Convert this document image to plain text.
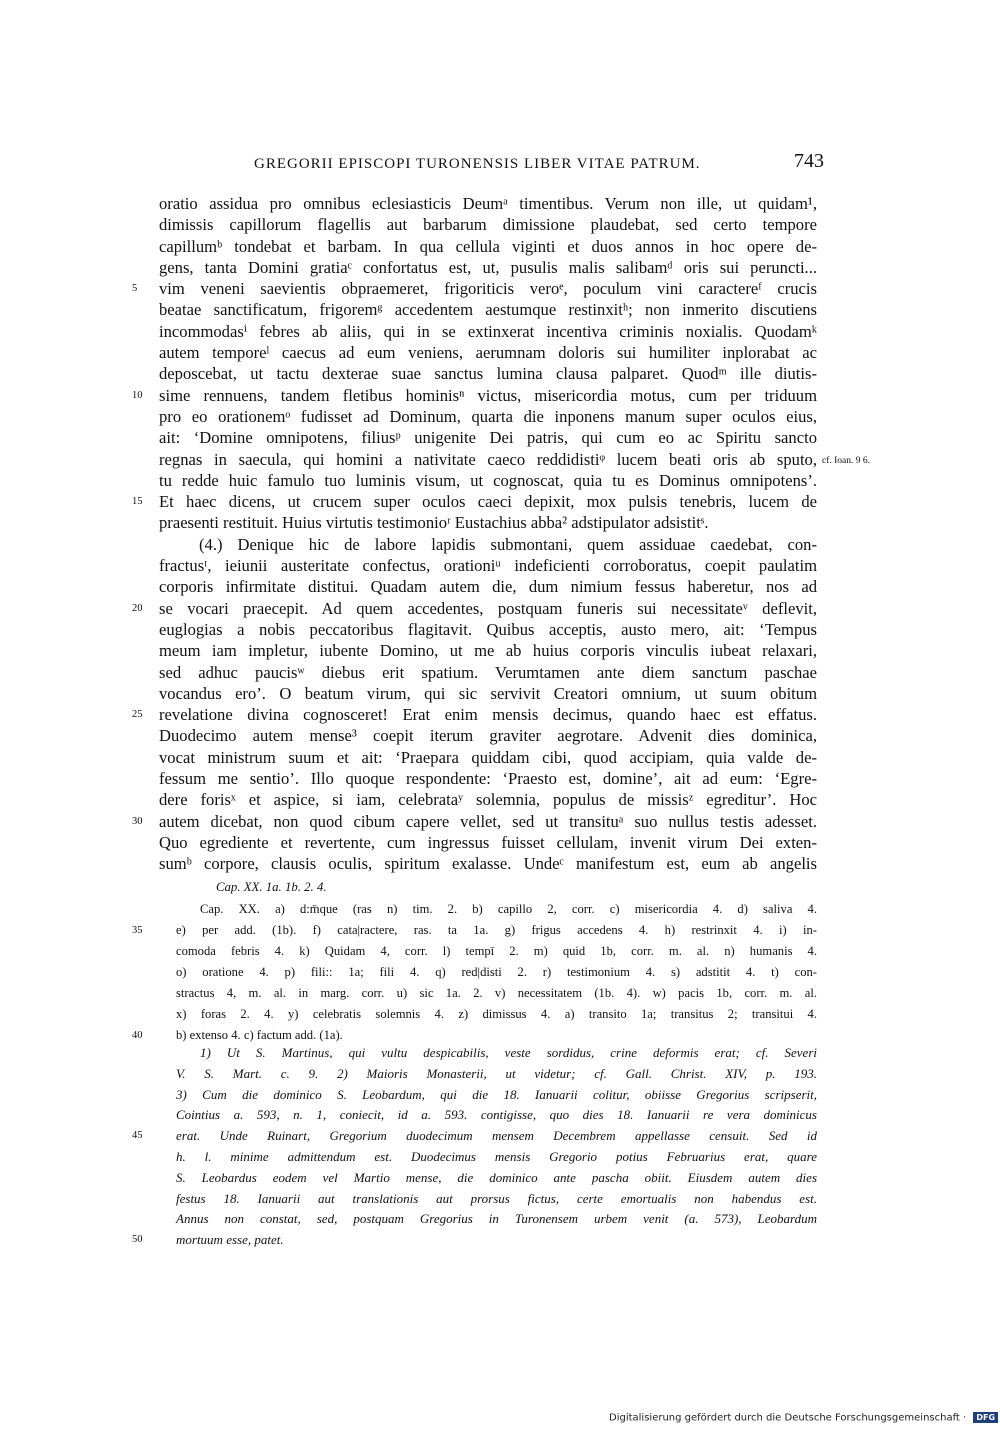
GREGORII EPISCOPI TURONENSIS LIBER VITAE PATRUM.	743
oratio assidua pro omnibus eclesiasticis Deumᵃ timentibus. Verum non ille, ut quidam¹,
dimissis capillorum flagellis aut barbarum dimissione plaudebat, sed certo tempore
capillumᵇ tondebat et barbam. In qua cellula viginti et duos annos in hoc opere de-
gens, tanta Domini gratiaᶜ confortatus est, ut, pusulis malis salibamᵈ oris sui peruncti...
5	vim veneni saevientis obpraemeret, frigoriticis veroᵉ, poculum vini caractereᶠ crucis
beatae sanctificatum, frigoremᵍ accedentem aestumque restinxitʰ; non inmerito discutiens
incommodasⁱ febres ab aliis, qui in se extinxerat incentiva criminis noxialis. Quodamᵏ
autem temporeˡ caecus ad eum veniens, aerumnam doloris sui humiliter inplorabat ac
deposcebat, ut tactu dexterae suae sanctus lumina clausa palparet. Quodᵐ ille diutis-
10 sime rennuens, tandem fletibus hominisⁿ victus, misericordia motus, cum per triduum
pro eo orationemᵒ fudisset ad Dominum, quarta die inponens manum super oculos eius,
ait: ‘Domine omnipotens, filiusᵖ unigenite Dei patris, qui cum eo ac Spiritu sancto
regnas in saecula, qui homini a nativitate caeco reddidistiᵠ lucem beati oris ab sputo, cf. Ioan. 9 6.
tu redde huic famulo tuo luminis visum, ut cognoscat, quia tu es Dominus omnipotens’.
15 Et haec dicens, ut crucem super oculos caeci depixit, mox pulsis tenebris, lucem de
praesenti restituit. Huius virtutis testimonioʳ Eustachius abba² adstipulator adsistitˢ.
(4.) Denique hic de labore lapidis submontani, quem assiduae caedebat, con-
fractusᵗ, ieiunii austeritate confectus, orationiᵘ indeficienti corroboratus, coepit paulatim
corporis infirmitate distitui. Quadam autem die, dum nimium fessus haberetur, nos ad
20 se vocari praecepit. Ad quem accedentes, postquam funeris sui necessitateᵛ deflevit,
euglogias a nobis peccatoribus flagitavit. Quibus acceptis, austo mero, ait: ‘Tempus
meum iam impletur, iubente Domino, ut me ab huius corporis vinculis iubeat relaxari,
sed adhuc paucisʷ diebus erit spatium. Verumtamen ante diem sanctum paschae
vocandus ero’. O beatum virum, qui sic servivit Creatori omnium, ut suum obitum
25 revelatione divina cognosceret! Erat enim mensis decimus, quando haec est effatus.
Duodecimo autem mense³ coepit iterum graviter aegrotare. Advenit dies dominica,
vocat ministrum suum et ait: ‘Praepara quiddam cibi, quod accipiam, quia valde de-
fessum me sentio’. Illo quoque respondente: ‘Praesto est, domine’, ait ad eum: ‘Egre-
dere forisˣ et aspice, si iam, celebrataʸ solemnia, populus de missisᶻ egreditur’. Hoc
30 autem dicebat, non quod cibum capere vellet, sed ut transituᵃ suo nullus testis adesset.
Quo egrediente et revertente, cum ingressus fuisset cellulam, invenit virum Dei exten-
sumᵇ corpore, clausis oculis, spiritum exalasse. Undeᶜ manifestum est, eum ab angelis
Cap. XX. 1a. 1b. 2. 4.
Cap. XX. a) d:m̄que (ras n) tim. 2. b) capillo 2, corr. c) misericordia 4. d) saliva 4.
35	e) per add. (1b). f) cata|ractere, ras. ta 1a. g) frigus accedens 4. h) restrinxit 4. i) in-
comoda febris 4. k) Quidam 4, corr. l) tempī 2. m) quid 1b, corr. m. al. n) humanis 4.
o) oratione 4. p) fili:: 1a; fili 4. q) red|disti 2. r) testimonium 4. s) adstitit 4. t) con-
stractus 4, m. al. in marg. corr. u) sic 1a. 2. v) necessitatem (1b. 4). w) pacis 1b, corr. m. al.
x) foras 2. 4. y) celebratis solemnis 4. z) dimissus 4. a) transito 1a; transitus 2; transitui 4.
40	b) extenso 4. c) factum add. (1a).
1) Ut S. Martinus, qui vultu despicabilis, veste sordidus, crine deformis erat; cf. Severi
V. S. Mart. c. 9. 2) Maioris Monasterii, ut videtur; cf. Gall. Christ. XIV, p. 193.
3) Cum die dominico S. Leobardum, qui die 18. Ianuarii colitur, obiisse Gregorius scripserit,
Cointius a. 593, n. 1, coniecit, id a. 593. contigisse, quo dies 18. Ianuarii re vera dominicus
45	erat. Unde Ruinart, Gregorium duodecimum mensem Decembrem appellasse censuit. Sed id
h. l. minime admittendum est. Duodecimus mensis Gregorio potius Februarius erat, quare
S. Leobardus eodem vel Martio mense, die dominico ante pascha obiit. Eiusdem autem dies
festus 18. Ianuarii aut translationis aut prorsus fictus, certe emortualis non habendus est.
Annus non constat, sed, postquam Gregorius in Turonensem urbem venit (a. 573), Leobardum
50	mortuum esse, patet.
Digitalisierung gefördert durch die Deutsche Forschungsgemeinschaft · DFG
